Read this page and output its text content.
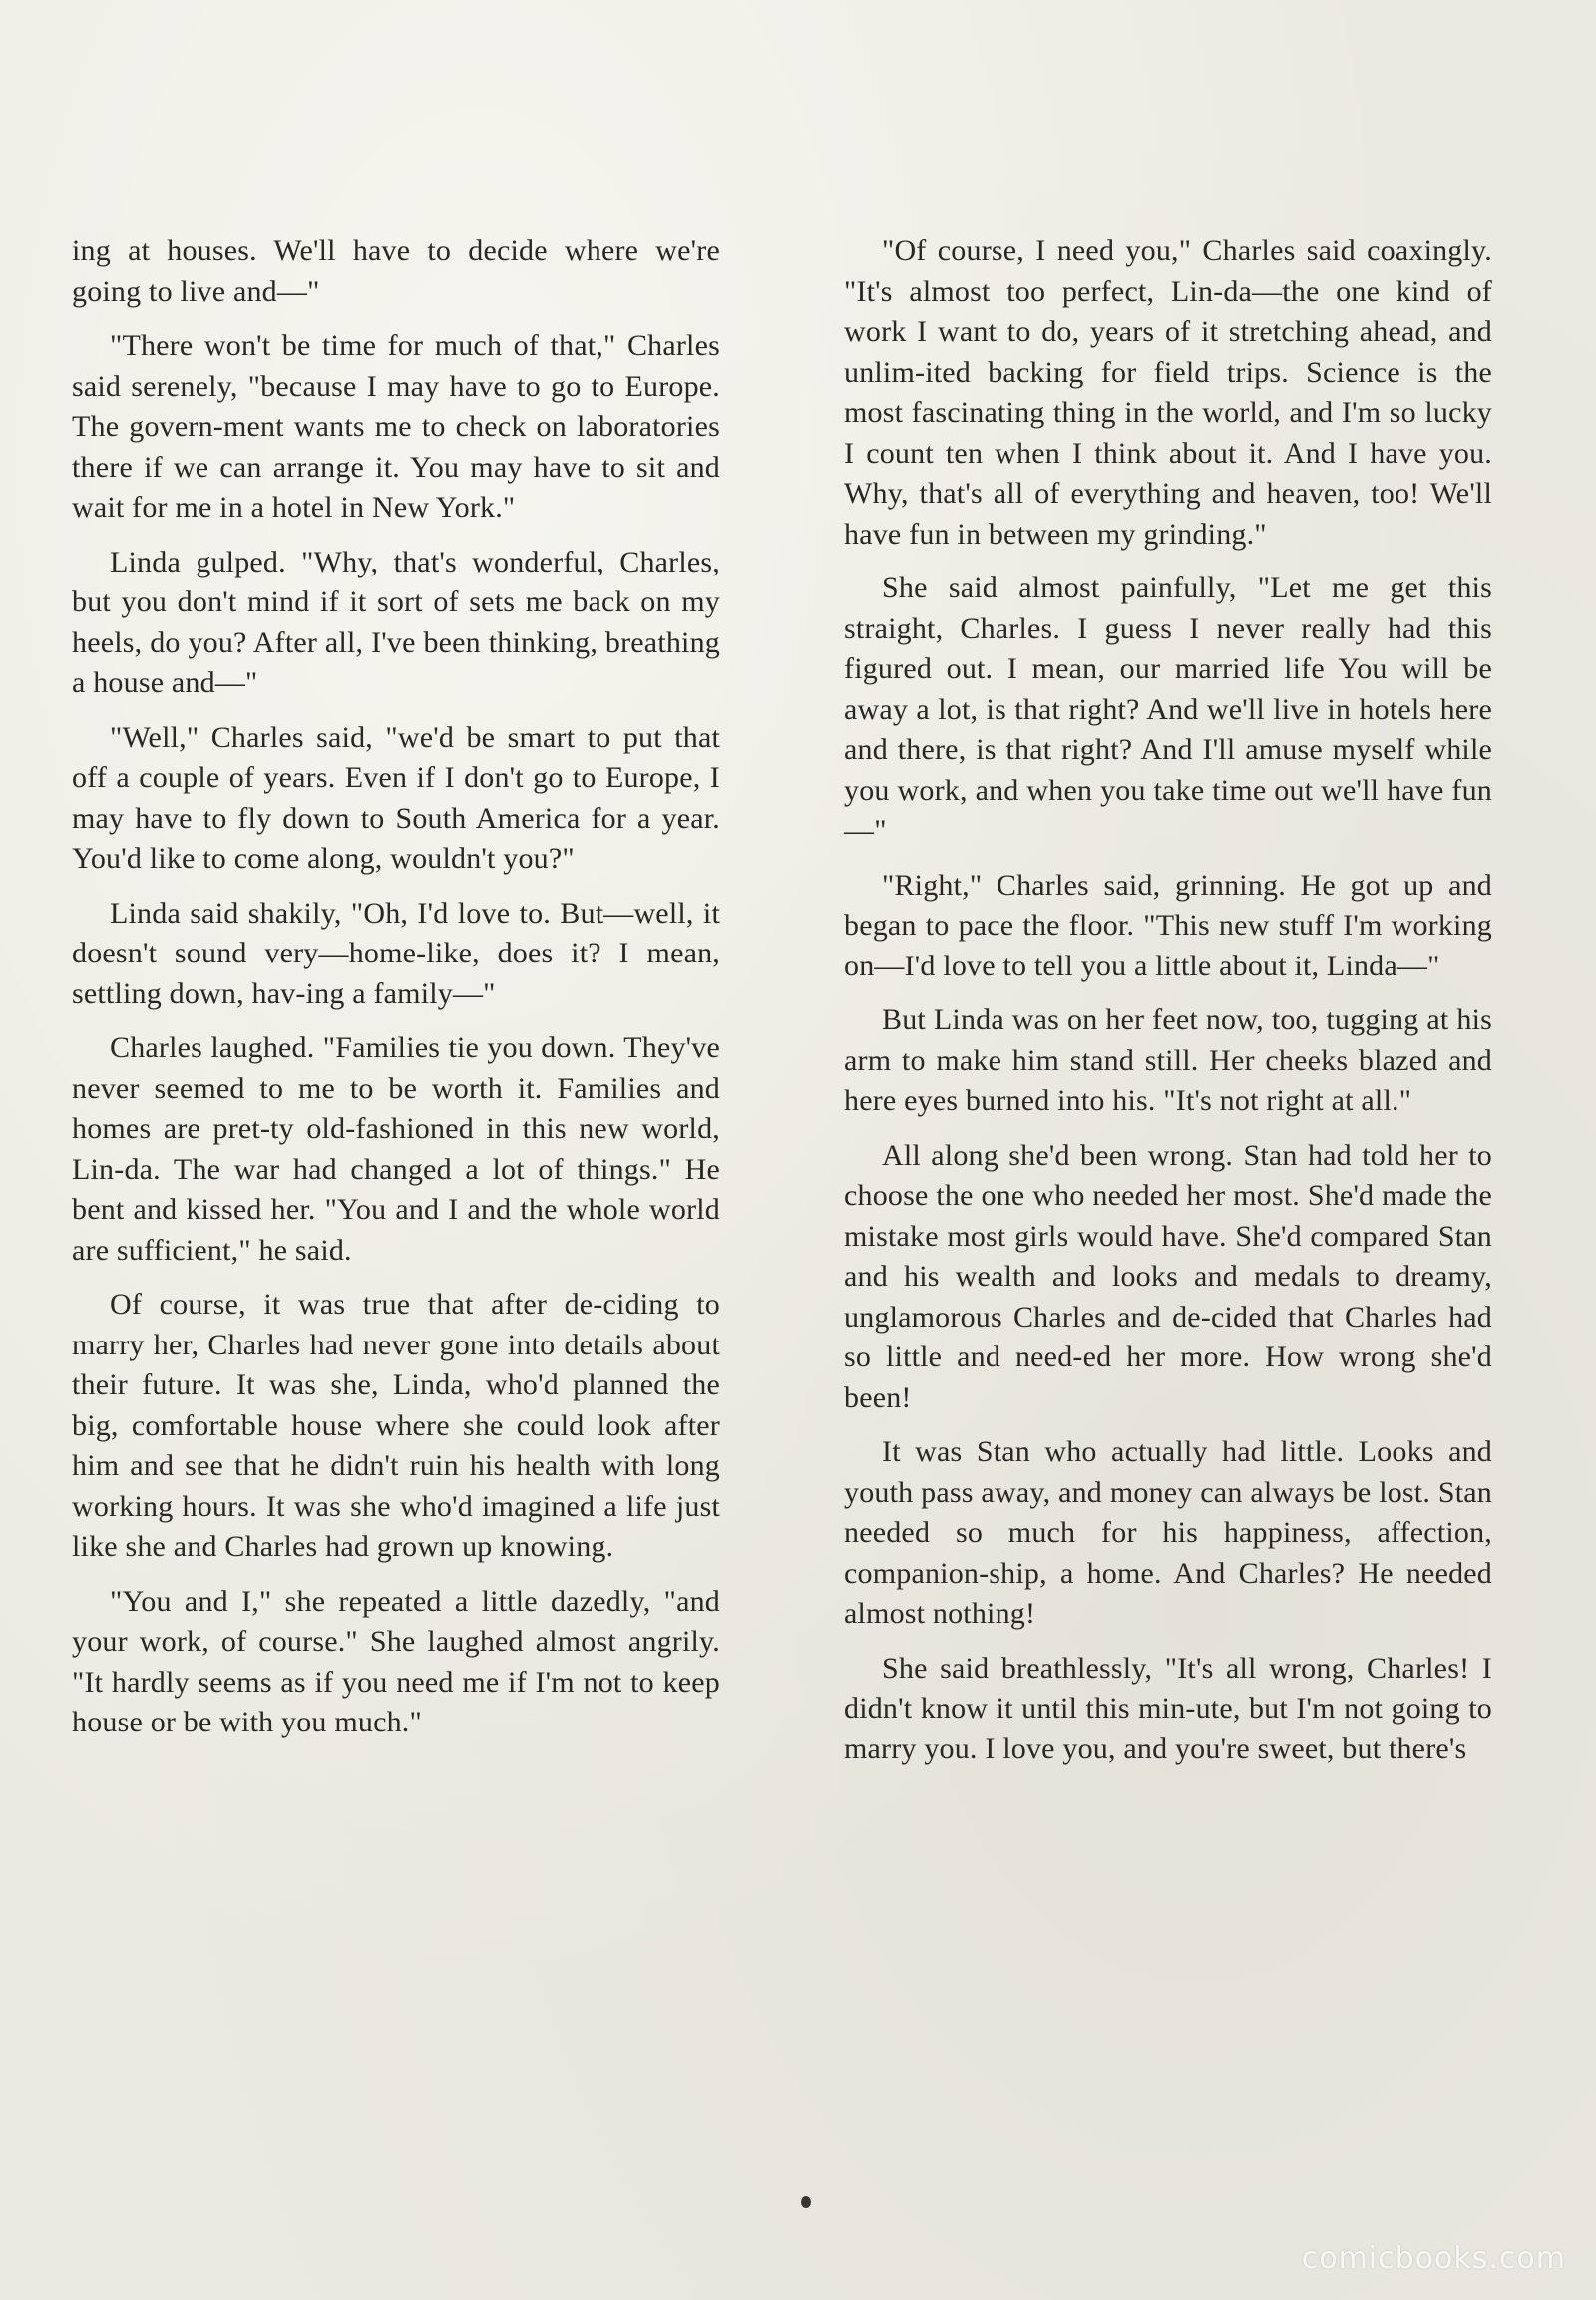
ing at houses. We'll have to decide where we're going to live and—"

"There won't be time for much of that," Charles said serenely, "because I may have to go to Europe. The govern-ment wants me to check on laboratories there if we can arrange it. You may have to sit and wait for me in a hotel in New York."

Linda gulped. "Why, that's wonderful, Charles, but you don't mind if it sort of sets me back on my heels, do you? After all, I've been thinking, breathing a house and—"

"Well," Charles said, "we'd be smart to put that off a couple of years. Even if I don't go to Europe, I may have to fly down to South America for a year. You'd like to come along, wouldn't you?"

Linda said shakily, "Oh, I'd love to. But—well, it doesn't sound very—home-like, does it? I mean, settling down, hav-ing a family—"

Charles laughed. "Families tie you down. They've never seemed to me to be worth it. Families and homes are pret-ty old-fashioned in this new world, Lin-da. The war had changed a lot of things." He bent and kissed her. "You and I and the whole world are sufficient," he said.

Of course, it was true that after de-ciding to marry her, Charles had never gone into details about their future. It was she, Linda, who'd planned the big, comfortable house where she could look after him and see that he didn't ruin his health with long working hours. It was she who'd imagined a life just like she and Charles had grown up knowing.

"You and I," she repeated a little dazedly, "and your work, of course." She laughed almost angrily. "It hardly seems as if you need me if I'm not to keep house or be with you much."

"Of course, I need you," Charles said coaxingly. "It's almost too perfect, Lin-da—the one kind of work I want to do, years of it stretching ahead, and unlim-ited backing for field trips. Science is the most fascinating thing in the world, and I'm so lucky I count ten when I think about it. And I have you. Why, that's all of everything and heaven, too! We'll have fun in between my grinding."

She said almost painfully, "Let me get this straight, Charles. I guess I never really had this figured out. I mean, our married life You will be away a lot, is that right? And we'll live in hotels here and there, is that right? And I'll amuse myself while you work, and when you take time out we'll have fun—"

"Right," Charles said, grinning. He got up and began to pace the floor. "This new stuff I'm working on—I'd love to tell you a little about it, Linda—"

But Linda was on her feet now, too, tugging at his arm to make him stand still. Her cheeks blazed and here eyes burned into his. "It's not right at all."

All along she'd been wrong. Stan had told her to choose the one who needed her most. She'd made the mistake most girls would have. She'd compared Stan and his wealth and looks and medals to dreamy, unglamorous Charles and de-cided that Charles had so little and need-ed her more. How wrong she'd been!

It was Stan who actually had little. Looks and youth pass away, and money can always be lost. Stan needed so much for his happiness, affection, companion-ship, a home. And Charles? He needed almost nothing!

She said breathlessly, "It's all wrong, Charles! I didn't know it until this min-ute, but I'm not going to marry you. I love you, and you're sweet, but there's

comicbooks.com
